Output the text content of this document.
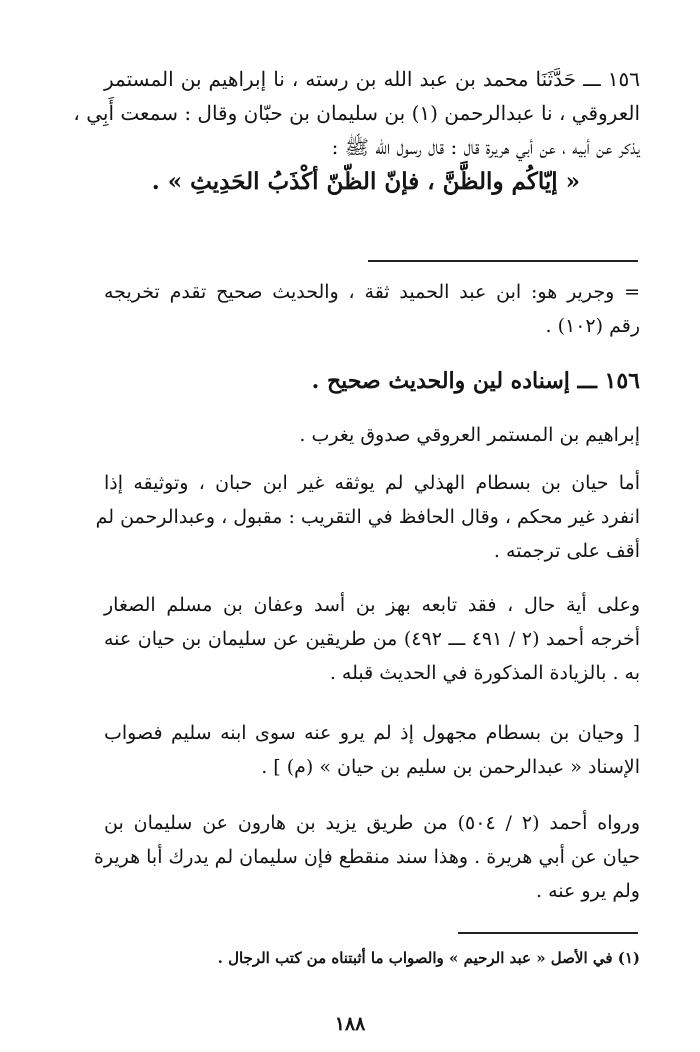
١٥٦ ـــ حَدَّثَنَا محمد بن عبد الله بن رسته ، نا إبراهيم بن المستمر

العروقي ، نا عبدالرحمن (١) بن سليمان بن حبّان وقال : سمعت أَبِي ،

يذكر عن أبيه ، عن أبي هريرة قال : قال رسول الله ﷺ :

« إيّاكُم والظَّنَّ ، فإنّ الظّنّ أكْذَبُ الحَدِيثِ » .

= وجرير هو: ابن عبد الحميد ثقة ، والحديث صحيح تقدم تخريجه

رقم (١٠٢) .

١٥٦ ـــ إسناده لين والحديث صحيح .

إبراهيم بن المستمر العروقي صدوق يغرب .

أما حيان بن بسطام الهذلي لم يوثقه غير ابن حبان ، وتوثيقه إذا

انفرد غير محكم ، وقال الحافظ في التقريب : مقبول ، وعبدالرحمن لم

أقف على ترجمته .

وعلى أية حال ، فقد تابعه بهز بن أسد وعفان بن مسلم الصغار

أخرجه أحمد (٢ / ٤٩١ ـــ ٤٩٢) من طريقين عن سليمان بن حيان عنه

به . بالزيادة المذكورة في الحديث قبله .

[ وحيان بن بسطام مجهول إذ لم يرو عنه سوى ابنه سليم فصواب

الإسناد « عبدالرحمن بن سليم بن حيان » (م) ] .

ورواه أحمد (٢ / ٥٠٤) من طريق يزيد بن هارون عن سليمان بن

حيان عن أبي هريرة . وهذا سند منقطع فإن سليمان لم يدرك أبا هريرة

ولم يرو عنه .

(١) في الأصل « عبد الرحيم » والصواب ما أثبتناه من كتب الرجال .
١٨٨
